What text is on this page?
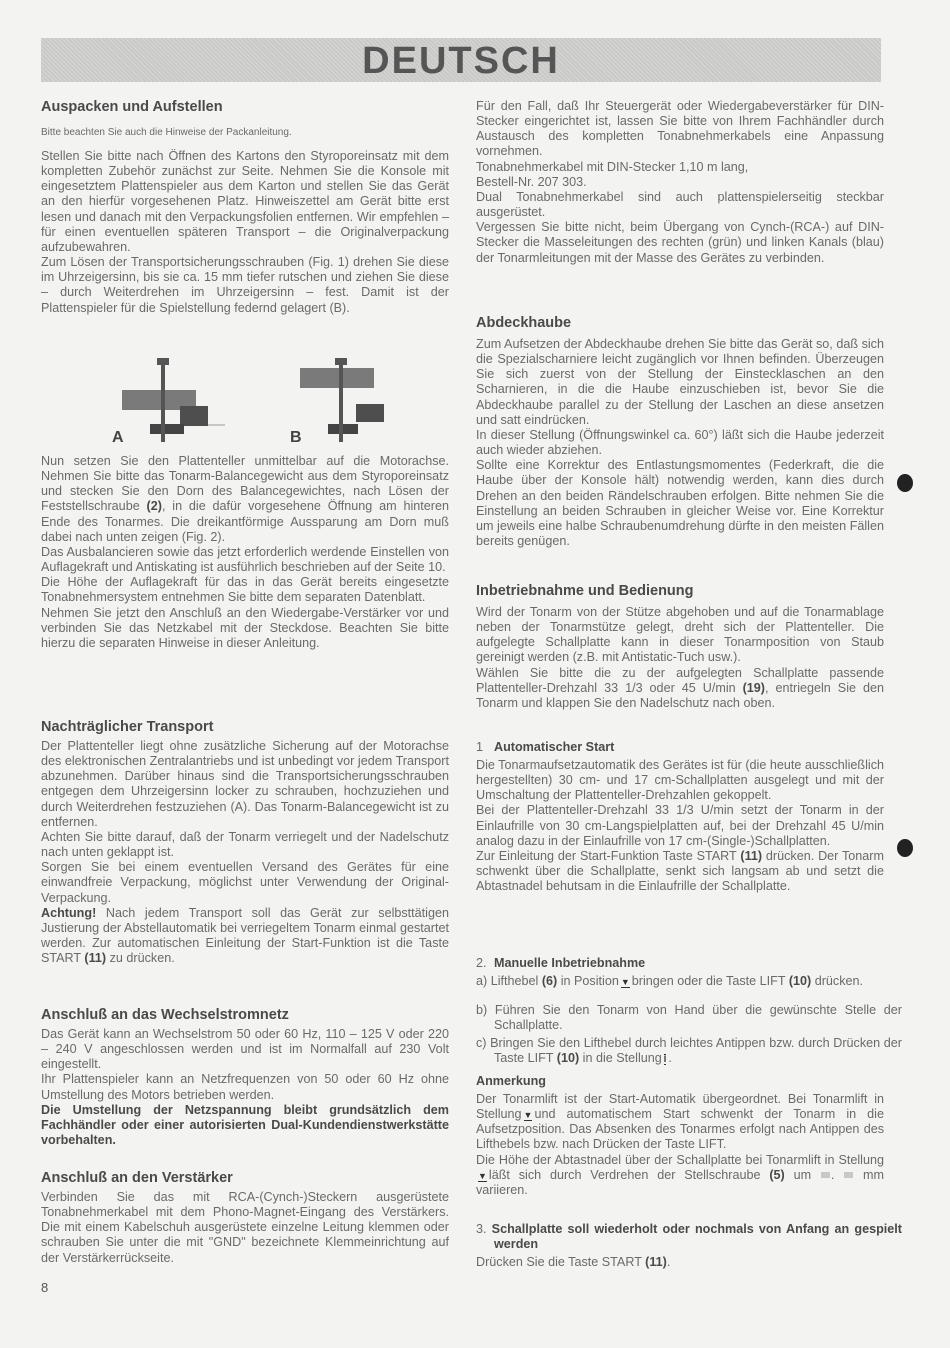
DEUTSCH
A	B
Auspacken und Aufstellen
Bitte beachten Sie auch die Hinweise der Packanleitung.
Stellen Sie bitte nach Öffnen des Kartons den Styroporeinsatz mit dem kompletten Zubehör zunächst zur Seite. Nehmen Sie die Konsole mit eingesetztem Plattenspieler aus dem Karton und stellen Sie das Gerät an den hierfür vorgesehenen Platz. Hinweiszettel am Gerät bitte erst lesen und danach mit den Verpackungsfolien entfernen. Wir empfehlen – für einen eventuellen späteren Transport – die Originalverpackung aufzubewahren.
Zum Lösen der Transportsicherungsschrauben (Fig. 1) drehen Sie diese im Uhrzeigersinn, bis sie ca. 15 mm tiefer rutschen und ziehen Sie diese – durch Weiterdrehen im Uhrzeigersinn – fest. Damit ist der Plattenspieler für die Spielstellung federnd gelagert (B).
Nun setzen Sie den Plattenteller unmittelbar auf die Motorachse. Nehmen Sie bitte das Tonarm-Balancegewicht aus dem Styroporeinsatz und stecken Sie den Dorn des Balancegewichtes, nach Lösen der Feststellschraube (2), in die dafür vorgesehene Öffnung am hinteren Ende des Tonarmes. Die dreikantförmige Aussparung am Dorn muß dabei nach unten zeigen (Fig. 2).
Das Ausbalancieren sowie das jetzt erforderlich werdende Einstellen von Auflagekraft und Antiskating ist ausführlich beschrieben auf der Seite 10.
Die Höhe der Auflagekraft für das in das Gerät bereits eingesetzte Tonabnehmersystem entnehmen Sie bitte dem separaten Datenblatt.
Nehmen Sie jetzt den Anschluß an den Wiedergabe-Verstärker vor und verbinden Sie das Netzkabel mit der Steckdose. Beachten Sie bitte hierzu die separaten Hinweise in dieser Anleitung.
Nachträglicher Transport
Der Plattenteller liegt ohne zusätzliche Sicherung auf der Motorachse des elektronischen Zentralantriebs und ist unbedingt vor jedem Transport abzunehmen. Darüber hinaus sind die Transportsicherungsschrauben entgegen dem Uhrzeigersinn locker zu schrauben, hochzuziehen und durch Weiterdrehen festzuziehen (A). Das Tonarm-Balancegewicht ist zu entfernen.
Achten Sie bitte darauf, daß der Tonarm verriegelt und der Nadelschutz nach unten geklappt ist.
Sorgen Sie bei einem eventuellen Versand des Gerätes für eine einwandfreie Verpackung, möglichst unter Verwendung der Original-Verpackung.
Achtung! Nach jedem Transport soll das Gerät zur selbsttätigen Justierung der Abstellautomatik bei verriegeltem Tonarm einmal gestartet werden. Zur automatischen Einleitung der Start-Funktion ist die Taste START (11) zu drücken.
Anschluß an das Wechselstromnetz
Das Gerät kann an Wechselstrom 50 oder 60 Hz, 110 – 125 V oder 220 – 240 V angeschlossen werden und ist im Normalfall auf 230 Volt eingestellt.
Ihr Plattenspieler kann an Netzfrequenzen von 50 oder 60 Hz ohne Umstellung des Motors betrieben werden.
Die Umstellung der Netzspannung bleibt grundsätzlich dem Fachhändler oder einer autorisierten Dual-Kundendienstwerkstätte vorbehalten.
Anschluß an den Verstärker
Verbinden Sie das mit RCA-(Cynch-)Steckern ausgerüstete Tonabnehmerkabel mit dem Phono-Magnet-Eingang des Verstärkers. Die mit einem Kabelschuh ausgerüstete einzelne Leitung klemmen oder schrauben Sie unter die mit "GND" bezeichnete Klemmeinrichtung auf der Verstärkerrückseite.
Für den Fall, daß Ihr Steuergerät oder Wiedergabeverstärker für DIN-Stecker eingerichtet ist, lassen Sie bitte von Ihrem Fachhändler durch Austausch des kompletten Tonabnehmerkabels eine Anpassung vornehmen.
Tonabnehmerkabel mit DIN-Stecker 1,10 m lang,
Bestell-Nr. 207 303.
Dual Tonabnehmerkabel sind auch plattenspielerseitig steckbar ausgerüstet.
Vergessen Sie bitte nicht, beim Übergang von Cynch-(RCA-) auf DIN-Stecker die Masseleitungen des rechten (grün) und linken Kanals (blau) der Tonarmleitungen mit der Masse des Gerätes zu verbinden.
Abdeckhaube
Zum Aufsetzen der Abdeckhaube drehen Sie bitte das Gerät so, daß sich die Spezialscharniere leicht zugänglich vor Ihnen befinden. Überzeugen Sie sich zuerst von der Stellung der Einstecklaschen an den Scharnieren, in die die Haube einzuschieben ist, bevor Sie die Abdeckhaube parallel zu der Stellung der Laschen an diese ansetzen und satt eindrücken.
In dieser Stellung (Öffnungswinkel ca. 60°) läßt sich die Haube jederzeit auch wieder abziehen.
Sollte eine Korrektur des Entlastungsmomentes (Federkraft, die die Haube über der Konsole hält) notwendig werden, kann dies durch Drehen an den beiden Rändelschrauben erfolgen. Bitte nehmen Sie die Einstellung an beiden Schrauben in gleicher Weise vor. Eine Korrektur um jeweils eine halbe Schraubenumdrehung dürfte in den meisten Fällen bereits genügen.
Inbetriebnahme und Bedienung
Wird der Tonarm von der Stütze abgehoben und auf die Tonarmablage neben der Tonarmstütze gelegt, dreht sich der Plattenteller. Die aufgelegte Schallplatte kann in dieser Tonarmposition von Staub gereinigt werden (z.B. mit Antistatic-Tuch usw.).
Wählen Sie bitte die zu der aufgelegten Schallplatte passende Plattenteller-Drehzahl 33 1/3 oder 45 U/min (19), entriegeln Sie den Tonarm und klappen Sie den Nadelschutz nach oben.
1 Automatischer Start
Die Tonarmaufsetzautomatik des Gerätes ist für (die heute ausschließlich hergestellten) 30 cm- und 17 cm-Schallplatten ausgelegt und mit der Umschaltung der Plattenteller-Drehzahlen gekoppelt.
Bei der Plattenteller-Drehzahl 33 1/3 U/min setzt der Tonarm in der Einlaufrille von 30 cm-Langspielplatten auf, bei der Drehzahl 45 U/min analog dazu in der Einlaufrille von 17 cm-(Single-)Schallplatten.
Zur Einleitung der Start-Funktion Taste START (11) drücken. Der Tonarm schwenkt über die Schallplatte, senkt sich langsam ab und setzt die Abtastnadel behutsam in die Einlaufrille der Schallplatte.
2. Manuelle Inbetriebnahme
a) Lifthebel (6) in Position ▼ bringen oder die Taste LIFT (10) drücken.
b) Führen Sie den Tonarm von Hand über die gewünschte Stelle der Schallplatte.
c) Bringen Sie den Lifthebel durch leichtes Antippen bzw. durch Drücken der Taste LIFT (10) in die Stellung I .
Anmerkung
Der Tonarmlift ist der Start-Automatik übergeordnet. Bei Tonarmlift in Stellung ▼ und automatischem Start schwenkt der Tonarm in die Aufsetzposition. Das Absenken des Tonarmes erfolgt nach Antippen des Lifthebels bzw. nach Drücken der Taste LIFT.
Die Höhe der Abtastnadel über der Schallplatte bei Tonarmlift in Stellung▼ läßt sich durch Verdrehen der Stellschraube (5) um .  mm variieren.
3. Schallplatte soll wiederholt oder nochmals von Anfang an gespielt werden
Drücken Sie die Taste START (11).
8
